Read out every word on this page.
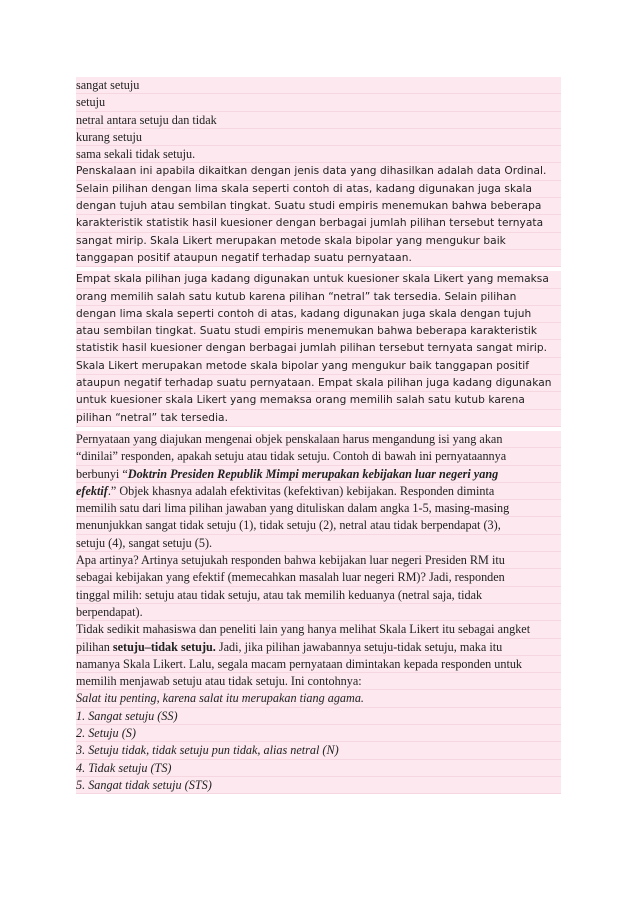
sangat setuju
setuju
netral antara setuju dan tidak
kurang setuju
sama sekali tidak setuju.
Penskalaan ini apabila dikaitkan dengan jenis data yang dihasilkan adalah data Ordinal.
Selain pilihan dengan lima skala seperti contoh di atas, kadang digunakan juga skala
dengan tujuh atau sembilan tingkat. Suatu studi empiris menemukan bahwa beberapa
karakteristik statistik hasil kuesioner dengan berbagai jumlah pilihan tersebut ternyata
sangat mirip. Skala Likert merupakan metode skala bipolar yang mengukur baik
tanggapan positif ataupun negatif terhadap suatu pernyataan.
Empat skala pilihan juga kadang digunakan untuk kuesioner skala Likert yang memaksa
orang memilih salah satu kutub karena pilihan “netral” tak tersedia. Selain pilihan
dengan lima skala seperti contoh di atas, kadang digunakan juga skala dengan tujuh
atau sembilan tingkat. Suatu studi empiris menemukan bahwa beberapa karakteristik
statistik hasil kuesioner dengan berbagai jumlah pilihan tersebut ternyata sangat mirip.
Skala Likert merupakan metode skala bipolar yang mengukur baik tanggapan positif
ataupun negatif terhadap suatu pernyataan. Empat skala pilihan juga kadang digunakan
untuk kuesioner skala Likert yang memaksa orang memilih salah satu kutub karena
pilihan “netral” tak tersedia.
Pernyataan yang diajukan mengenai objek penskalaan harus mengandung isi yang akan
“dinilai” responden, apakah setuju atau tidak setuju. Contoh di bawah ini pernyataannya
berbunyi “Doktrin Presiden Republik Mimpi merupakan kebijakan luar negeri yang
efektif.” Objek khasnya adalah efektivitas (kefektivan) kebijakan. Responden diminta
memilih satu dari lima pilihan jawaban yang dituliskan dalam angka 1-5, masing-masing
menunjukkan sangat tidak setuju (1), tidak setuju (2), netral atau tidak berpendapat (3),
setuju (4), sangat setuju (5).
Apa artinya? Artinya setujukah responden bahwa kebijakan luar negeri Presiden RM itu
sebagai kebijakan yang efektif (memecahkan masalah luar negeri RM)? Jadi, responden
tinggal milih: setuju atau tidak setuju, atau tak memilih keduanya (netral saja, tidak
berpendapat).
Tidak sedikit mahasiswa dan peneliti lain yang hanya melihat Skala Likert itu sebagai angket
pilihan setuju–tidak setuju. Jadi, jika pilihan jawabannya setuju-tidak setuju, maka itu
namanya Skala Likert. Lalu, segala macam pernyataan dimintakan kepada responden untuk
memilih menjawab setuju atau tidak setuju. Ini contohnya:
Salat itu penting, karena salat itu merupakan tiang agama.
1. Sangat setuju (SS)
2. Setuju (S)
3. Setuju tidak, tidak setuju pun tidak, alias netral (N)
4. Tidak setuju (TS)
5. Sangat tidak setuju (STS)
